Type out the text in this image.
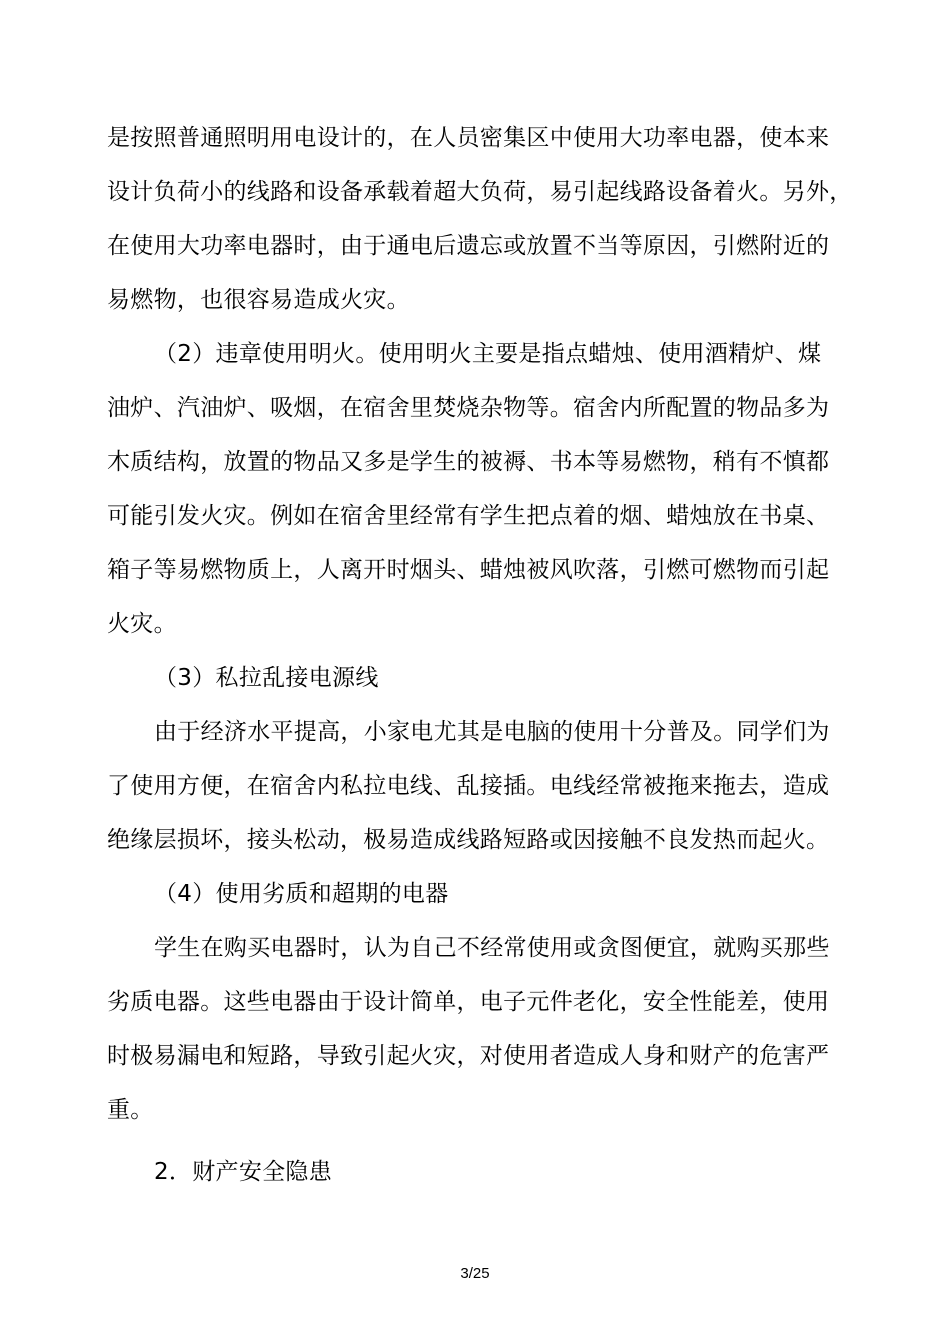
是按照普通照明用电设计的，在人员密集区中使用大功率电器，使本来
设计负荷小的线路和设备承载着超大负荷，易引起线路设备着火。另外，
在使用大功率电器时，由于通电后遗忘或放置不当等原因，引燃附近的
易燃物，也很容易造成火灾。
（2）违章使用明火。使用明火主要是指点蜡烛、使用酒精炉、煤
油炉、汽油炉、吸烟，在宿舍里焚烧杂物等。宿舍内所配置的物品多为
木质结构，放置的物品又多是学生的被褥、书本等易燃物，稍有不慎都
可能引发火灾。例如在宿舍里经常有学生把点着的烟、蜡烛放在书桌、
箱子等易燃物质上，人离开时烟头、蜡烛被风吹落，引燃可燃物而引起
火灾。
（3）私拉乱接电源线
由于经济水平提高，小家电尤其是电脑的使用十分普及。同学们为
了使用方便，在宿舍内私拉电线、乱接插。电线经常被拖来拖去，造成
绝缘层损坏，接头松动，极易造成线路短路或因接触不良发热而起火。
（4）使用劣质和超期的电器
学生在购买电器时，认为自己不经常使用或贪图便宜，就购买那些
劣质电器。这些电器由于设计简单，电子元件老化，安全性能差，使用
时极易漏电和短路，导致引起火灾，对使用者造成人身和财产的危害严
重。
2．财产安全隐患
3/25
